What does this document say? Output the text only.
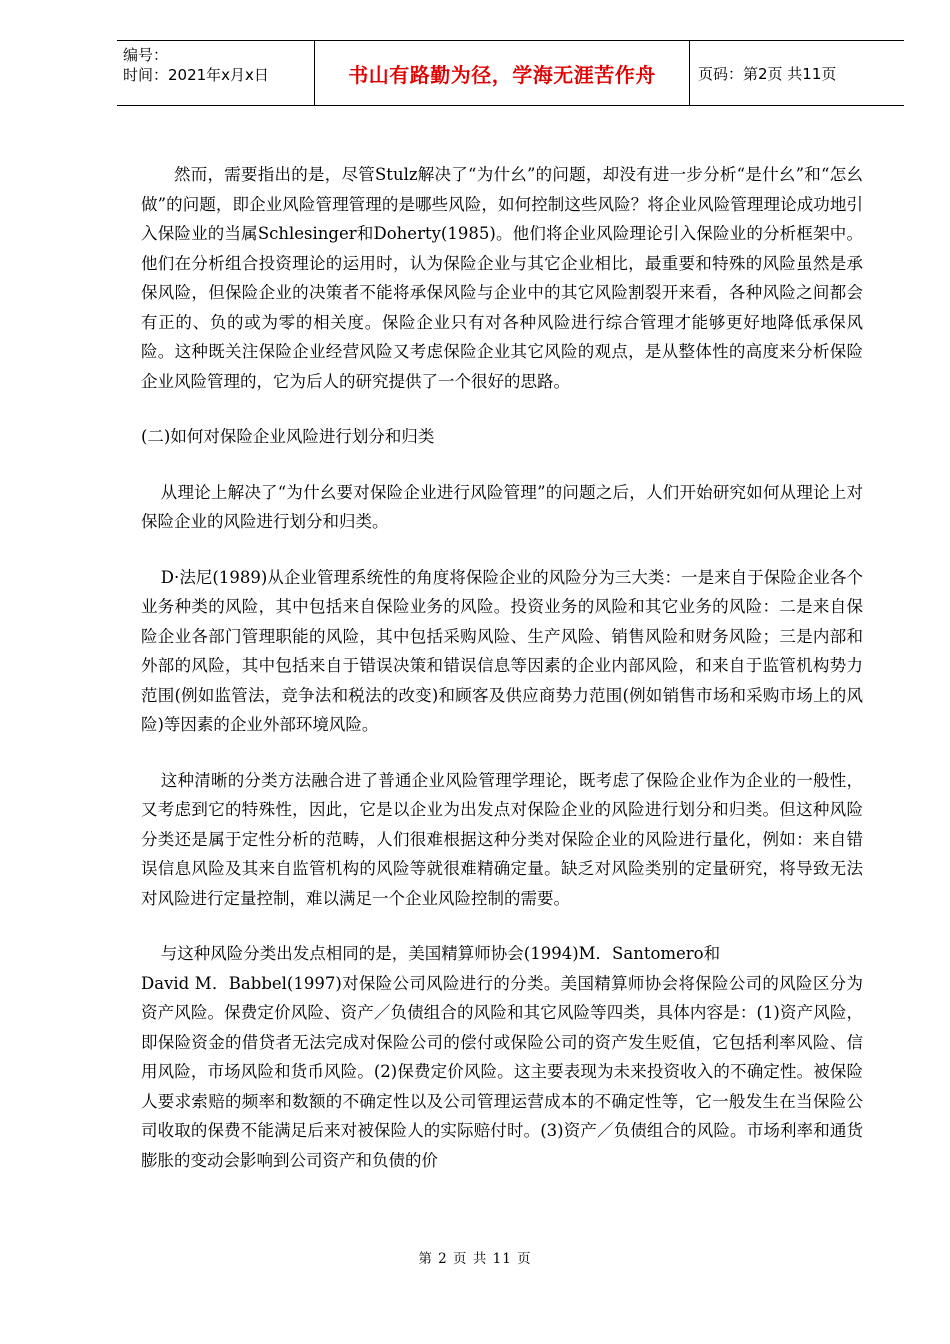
编号：
时间：2021年x月x日	书山有路勤为径，学海无涯苦作舟	页码：第2页 共11页

然而，需要指出的是，尽管Stulz解决了“为什幺”的问题，却没有进一步分析“是什幺”和“怎幺做”的问题，即企业风险管理管理的是哪些风险，如何控制这些风险？将企业风险管理理论成功地引入保险业的当属Schlesinger和Doherty(1985)。他们将企业风险理论引入保险业的分析框架中。他们在分析组合投资理论的运用时，认为保险企业与其它企业相比，最重要和特殊的风险虽然是承保风险，但保险企业的决策者不能将承保风险与企业中的其它风险割裂开来看，各种风险之间都会有正的、负的或为零的相关度。保险企业只有对各种风险进行综合管理才能够更好地降低承保风险。这种既关注保险企业经营风险又考虑保险企业其它风险的观点，是从整体性的高度来分析保险企业风险管理的，它为后人的研究提供了一个很好的思路。

(二)如何对保险企业风险进行划分和归类

从理论上解决了“为什幺要对保险企业进行风险管理”的问题之后，人们开始研究如何从理论上对保险企业的风险进行划分和归类。

D·法尼(1989)从企业管理系统性的角度将保险企业的风险分为三大类：一是来自于保险企业各个业务种类的风险，其中包括来自保险业务的风险。投资业务的风险和其它业务的风险：二是来自保险企业各部门管理职能的风险，其中包括采购风险、生产风险、销售风险和财务风险；三是内部和外部的风险，其中包括来自于错误决策和错误信息等因素的企业内部风险，和来自于监管机构势力范围(例如监管法，竞争法和税法的改变)和顾客及供应商势力范围(例如销售市场和采购市场上的风险)等因素的企业外部环境风险。

这种清晰的分类方法融合进了普通企业风险管理学理论，既考虑了保险企业作为企业的一般性，又考虑到它的特殊性，因此，它是以企业为出发点对保险企业的风险进行划分和归类。但这种风险分类还是属于定性分析的范畴，人们很难根据这种分类对保险企业的风险进行量化，例如：来自错误信息风险及其来自监管机构的风险等就很难精确定量。缺乏对风险类别的定量研究，将导致无法对风险进行定量控制，难以满足一个企业风险控制的需要。

与这种风险分类出发点相同的是，美国精算师协会(1994)M．Santomero和

David M．Babbel(1997)对保险公司风险进行的分类。美国精算师协会将保险公司的风险区分为资产风险。保费定价风险、资产／负债组合的风险和其它风险等四类，具体内容是：(1)资产风险，即保险资金的借贷者无法完成对保险公司的偿付或保险公司的资产发生贬值，它包括利率风险、信用风险，市场风险和货币风险。(2)保费定价风险。这主要表现为未来投资收入的不确定性。被保险人要求索赔的频率和数额的不确定性以及公司管理运营成本的不确定性等，它一般发生在当保险公司收取的保费不能满足后来对被保险人的实际赔付时。(3)资产／负债组合的风险。市场利率和通货膨胀的变动会影响到公司资产和负债的价

第 2 页 共 11 页
